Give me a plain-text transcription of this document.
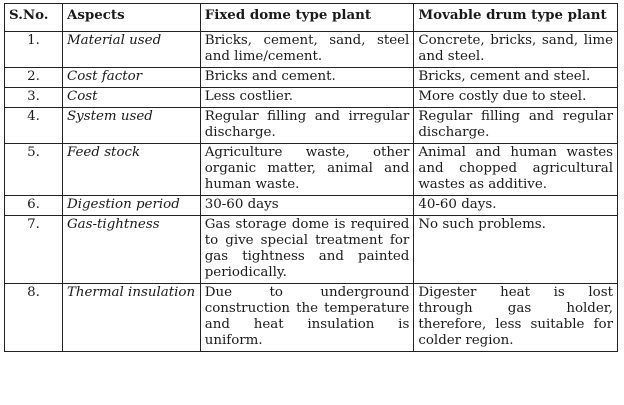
S.No.	Aspects	Fixed dome type plant	Movable drum type plant
1.	Material used	Bricks, cement, sand, steel and lime/cement.	Concrete, bricks, sand, lime and steel.
2.	Cost factor	Bricks and cement.	Bricks, cement and steel.
3.	Cost	Less costlier.	More costly due to steel.
4.	System used	Regular filling and irregular discharge.	Regular filling and regular discharge.
5.	Feed stock	Agriculture waste, other organic matter, animal and human waste.	Animal and human wastes and chopped agricultural wastes as additive.
6.	Digestion period	30-60 days	40-60 days.
7.	Gas-tightness	Gas storage dome is required to give special treatment for gas tightness and painted periodically.	No such problems.
8.	Thermal insulation	Due to underground construction the temperature and heat insulation is uniform.	Digester heat is lost through gas holder, therefore, less suitable for colder region.
